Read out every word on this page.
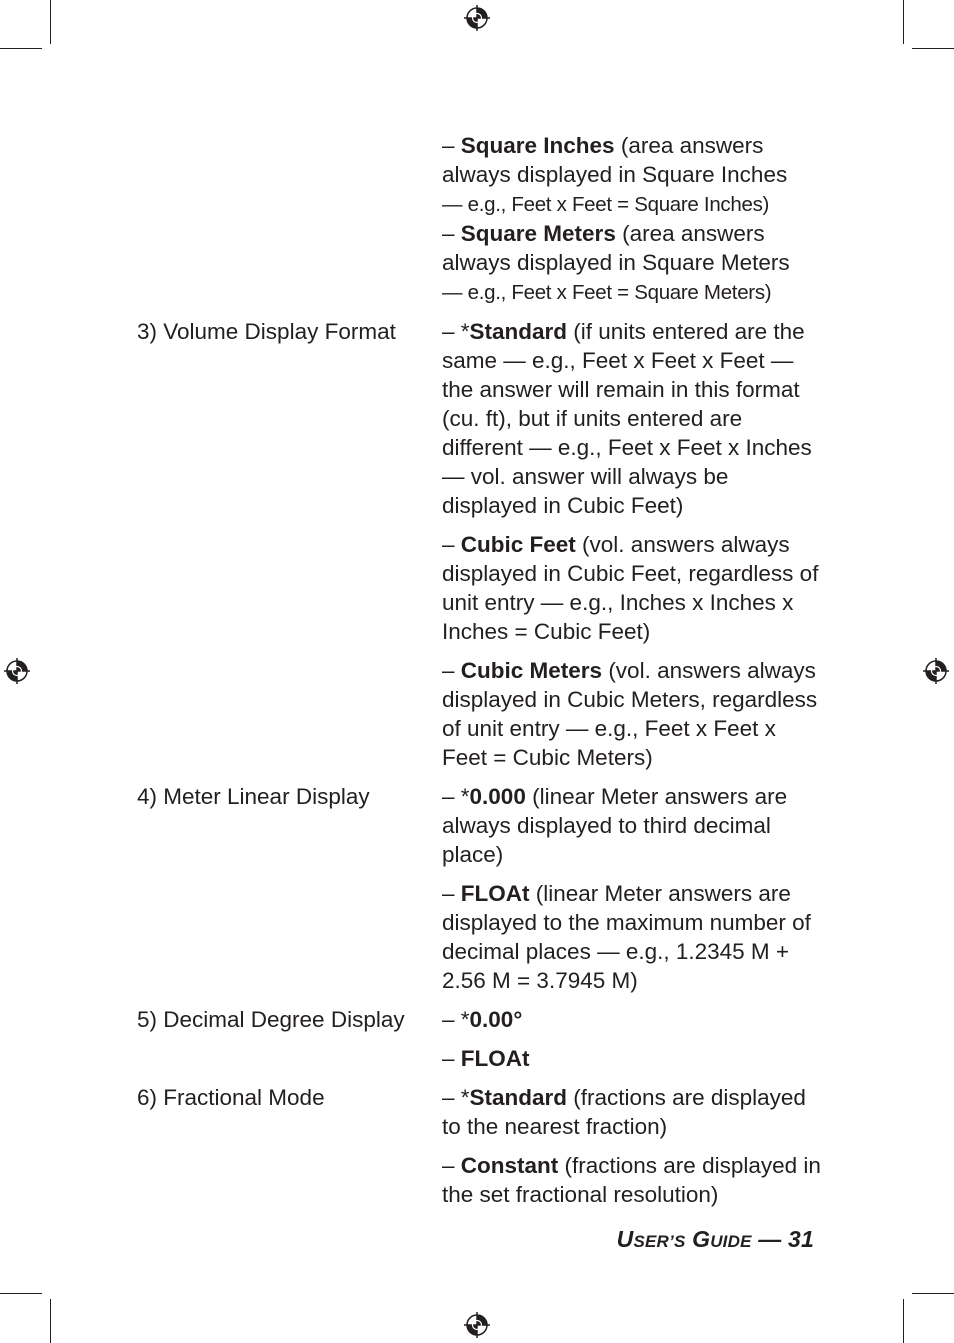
– Square Inches (area answers always displayed in Square Inches
— e.g., Feet x Feet = Square Inches)
– Square Meters (area answers always displayed in Square Meters
— e.g., Feet x Feet = Square Meters)
3) Volume Display Format	– *Standard (if units entered are the same — e.g., Feet x Feet x Feet — the answer will remain in this format (cu. ft), but if units entered are different — e.g., Feet x Feet x Inches — vol. answer will always be displayed in Cubic Feet)
– Cubic Feet (vol. answers always displayed in Cubic Feet, regardless of unit entry — e.g., Inches x Inches x Inches = Cubic Feet)
– Cubic Meters (vol. answers always displayed in Cubic Meters, regardless of unit entry — e.g., Feet x Feet x Feet = Cubic Meters)
4) Meter Linear Display	– *0.000 (linear Meter answers are always displayed to third decimal place)
– FLOAt (linear Meter answers are displayed to the maximum number of decimal places — e.g., 1.2345 M + 2.56 M = 3.7945 M)
5) Decimal Degree Display	– *0.00°
– FLOAt
6) Fractional Mode	– *Standard (fractions are displayed to the nearest fraction)
– Constant (fractions are displayed in the set fractional resolution)
USER’S GUIDE — 31
